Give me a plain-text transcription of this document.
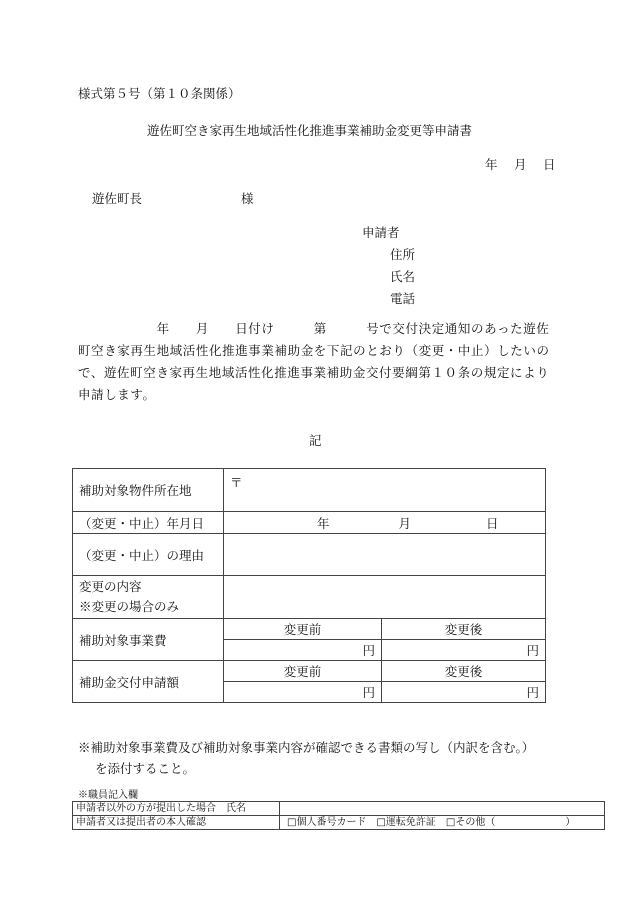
様式第５号（第１０条関係）
遊佐町空き家再生地域活性化推進事業補助金変更等申請書
年　月　日
遊佐町長	様
申請者
住所
氏名
電話
　　　　　　年　　月　　日付け　　　第　　　号で交付決定通知のあった遊佐町空き家再生地域活性化推進事業補助金を下記のとおり（変更・中止）したいので、遊佐町空き家再生地域活性化推進事業補助金交付要綱第１０条の規定により申請します。
記
補助対象物件所在地	〒	
（変更・中止）年月日	年 月 日	
（変更・中止）の理由		

変更の内容
※変更の場合のみ		

補助対象事業費	変更前	変更後
	円	円
補助金交付申請額	変更前	変更後
	円	円
※補助対象事業費及び補助対象事業内容が確認できる書類の写し（内訳を含む。）
を添付すること。
※職員記入欄
申請者以外の方が提出した場合　氏名	
申請者又は提出者の本人確認	□個人番号カード　□運転免許証　□その他（　　　　　　　）
